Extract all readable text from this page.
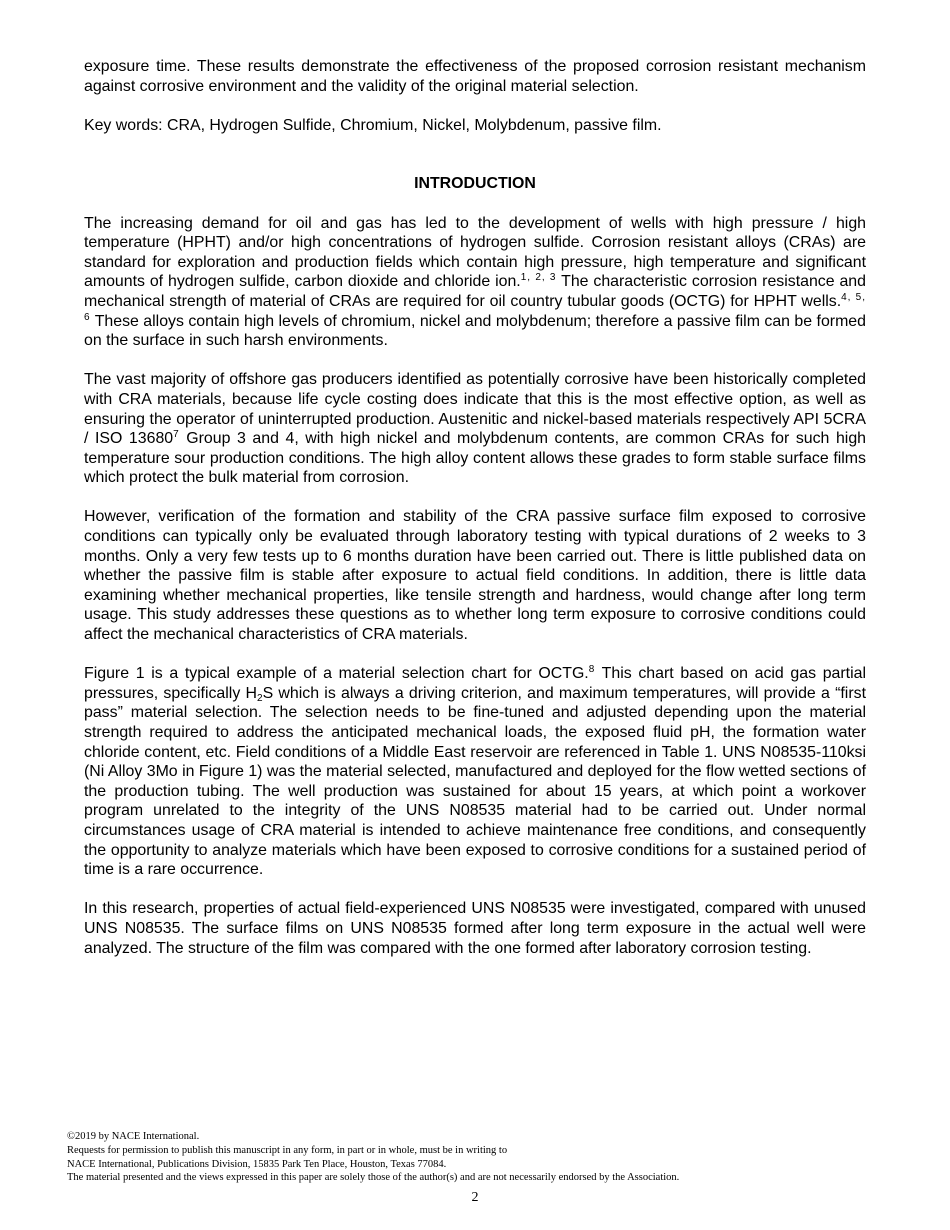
exposure time. These results demonstrate the effectiveness of the proposed corrosion resistant mechanism against corrosive environment and the validity of the original material selection.

Key words: CRA, Hydrogen Sulfide, Chromium, Nickel, Molybdenum, passive film.

INTRODUCTION

The increasing demand for oil and gas has led to the development of wells with high pressure / high temperature (HPHT) and/or high concentrations of hydrogen sulfide. Corrosion resistant alloys (CRAs) are standard for exploration and production fields which contain high pressure, high temperature and significant amounts of hydrogen sulfide, carbon dioxide and chloride ion.$^{1, 2, 3}$ The characteristic corrosion resistance and mechanical strength of material of CRAs are required for oil country tubular goods (OCTG) for HPHT wells.$^{4, 5, 6}$ These alloys contain high levels of chromium, nickel and molybdenum; therefore a passive film can be formed on the surface in such harsh environments.

The vast majority of offshore gas producers identified as potentially corrosive have been historically completed with CRA materials, because life cycle costing does indicate that this is the most effective option, as well as ensuring the operator of uninterrupted production. Austenitic and nickel-based materials respectively API 5CRA / ISO 13680$^7$ Group 3 and 4, with high nickel and molybdenum contents, are common CRAs for such high temperature sour production conditions. The high alloy content allows these grades to form stable surface films which protect the bulk material from corrosion.

However, verification of the formation and stability of the CRA passive surface film exposed to corrosive conditions can typically only be evaluated through laboratory testing with typical durations of 2 weeks to 3 months. Only a very few tests up to 6 months duration have been carried out. There is little published data on whether the passive film is stable after exposure to actual field conditions. In addition, there is little data examining whether mechanical properties, like tensile strength and hardness, would change after long term usage. This study addresses these questions as to whether long term exposure to corrosive conditions could affect the mechanical characteristics of CRA materials.

Figure 1 is a typical example of a material selection chart for OCTG.$^8$ This chart based on acid gas partial pressures, specifically $H_2S$ which is always a driving criterion, and maximum temperatures, will provide a “first pass” material selection. The selection needs to be fine-tuned and adjusted depending upon the material strength required to address the anticipated mechanical loads, the exposed fluid pH, the formation water chloride content, etc. Field conditions of a Middle East reservoir are referenced in Table 1. UNS N08535-110ksi (Ni Alloy 3Mo in Figure 1) was the material selected, manufactured and deployed for the flow wetted sections of the production tubing. The well production was sustained for about 15 years, at which point a workover program unrelated to the integrity of the UNS N08535 material had to be carried out. Under normal circumstances usage of CRA material is intended to achieve maintenance free conditions, and consequently the opportunity to analyze materials which have been exposed to corrosive conditions for a sustained period of time is a rare occurrence.

In this research, properties of actual field-experienced UNS N08535 were investigated, compared with unused UNS N08535. The surface films on UNS N08535 formed after long term exposure in the actual well were analyzed. The structure of the film was compared with the one formed after laboratory corrosion testing.

©2019 by NACE International.
Requests for permission to publish this manuscript in any form, in part or in whole, must be in writing to
NACE International, Publications Division, 15835 Park Ten Place, Houston, Texas 77084.
The material presented and the views expressed in this paper are solely those of the author(s) and are not necessarily endorsed by the Association.
2
